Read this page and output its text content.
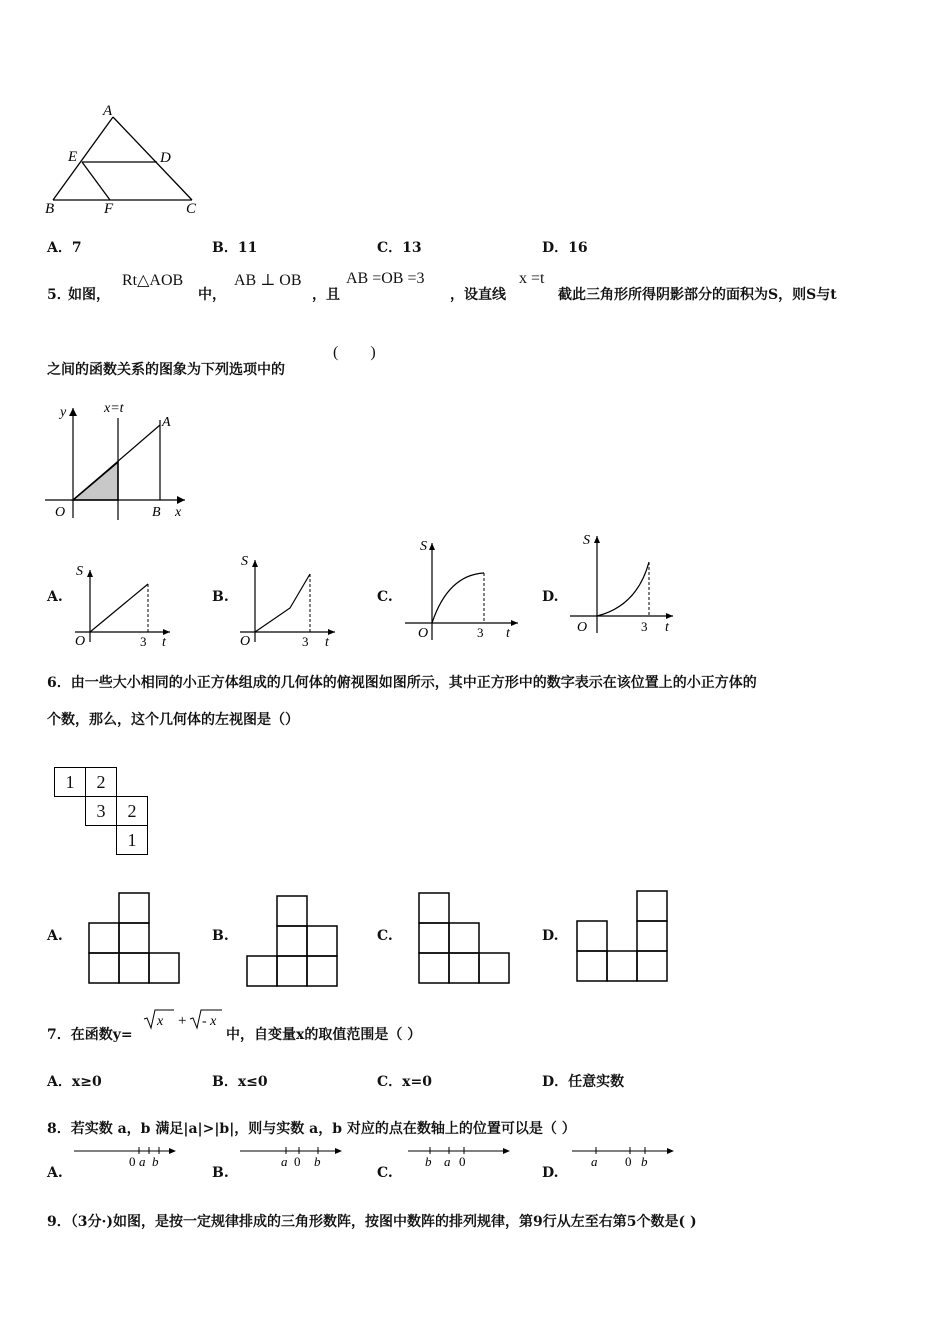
A
E	D
B	F	C
A．7	B．11	C．13	D．16
5．
如图，
Rt△AOB
中，
AB ⊥ OB
，且
AB =OB =3
，设直线
x =t
截此三角形所得阴影部分的面积为S，则S与t
之间的函数关系的图象为下列选项中的
(        )
y	x=t
A
O	B x
A.
S
O	3 t
B.
S
O	3 t
C.
S
O	3 t
D.
S
O	3 t
6．由一些大小相同的小正方体组成的几何体的俯视图如图所示，其中正方形中的数字表示在该位置上的小正方体的
个数，那么，这个几何体的左视图是（）
1	2
3	2
1
A.	B.	C.	D.
7．在函数y=
x + - x
中，自变量x的取值范围是（ ）
A．x≥0	B．x≤0	C．x=0	D．任意实数
8．若实数 a，b 满足|a|>|b|，则与实数 a，b 对应的点在数轴上的位置可以是（ ）
A.
0 a b
B.
a 0 b
C.
b a 0
D.
a 0 b
9．（3分·)如图，是按一定规律排成的三角形数阵，按图中数阵的排列规律，第9行从左至右第5个数是( )
